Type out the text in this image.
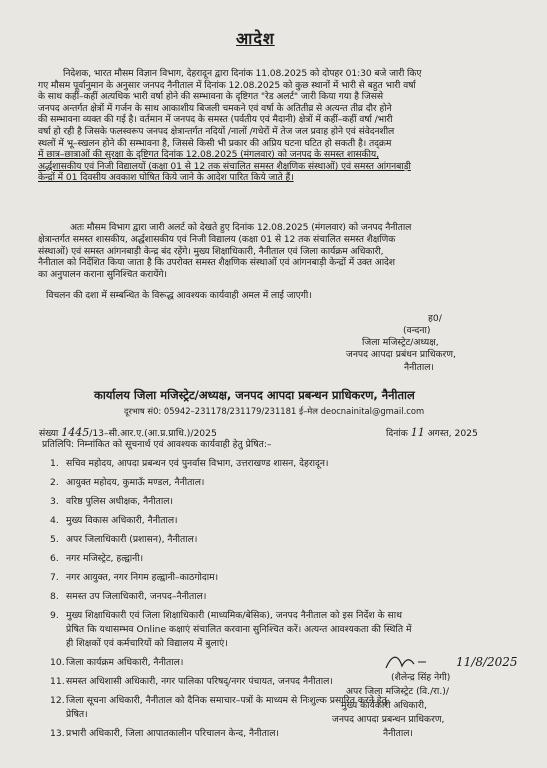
आदेश
निदेशक, भारत मौसम विज्ञान विभाग, देहरादून द्वारा दिनांक 11.08.2025 को दोपहर 01:30 बजे जारी किए
गए मौसम पूर्वानुमान के अनुसार जनपद नैनीताल में दिनांक 12.08.2025 को कुछ स्थानों में भारी से बहुत भारी वर्षा
के साथ कहीं–कहीं अत्यधिक भारी वर्षा होने की सम्भावना के दृष्टिगत "रेड अलर्ट" जारी किया गया है जिससे
जनपद अन्तर्गत क्षेत्रों में गर्जन के साथ आकाशीय बिजली चमकने एवं वर्षा के अतितीव्र से अत्यन्त तीव्र दौर होने
की सम्भावना व्यक्त की गई है। वर्तमान में जनपद के समस्त (पर्वतीय एवं मैदानी) क्षेत्रों में कहीं–कहीं वर्षा /भारी
वर्षा हो रही है जिसके फलस्वरूप जनपद क्षेत्रान्तर्गत नदियों /नालों /गधेरों में तेज जल प्रवाह होने एवं संवेदनशील
स्थलों में भू–स्खलन होने की सम्भावना है, जिससे किसी भी प्रकार की अप्रिय घटना घटित हो सकती है। तद्क्रम
में छात्र–छात्राओं की सुरक्षा के दृष्टिगत दिनांक 12.08.2025 (मंगलवार) को जनपद के समस्त शासकीय,
अर्द्धशासकीय एवं निजी विद्यालयों (कक्षा 01 से 12 तक संचालित समस्त शैक्षणिक संस्थाओं) एवं समस्त आंगनबाड़ी
केन्द्रों में 01 दिवसीय अवकाश घोषित किये जाने के आदेश पारित किये जाते हैं।
अतः मौसम विभाग द्वारा जारी अलर्ट को देखते हुए दिनांक 12.08.2025 (मंगलवार) को जनपद नैनीताल
क्षेत्रान्तर्गत समस्त शासकीय, अर्द्धशासकीय एवं निजी विद्यालय (कक्षा 01 से 12 तक संचालित समस्त शैक्षणिक
संस्थाओं) एवं समस्त आंगनबाड़ी केन्द्र बंद रहेंगे। मुख्य शिक्षाधिकारी, नैनीताल एवं जिला कार्यक्रम अधिकारी,
नैनीताल को निर्देशित किया जाता है कि उपरोक्त समस्त शैक्षणिक संस्थाओं एवं आंगनबाड़ी केन्द्रों में उक्त आदेश
का अनुपालन कराना सुनिश्चित करायेंगे।
विचलन की दशा में सम्बन्धित के विरूद्ध आवश्यक कार्यवाही अमल में लाई जाएगी।
ह0/
(वन्दना)
जिला मजिस्ट्रेट/अध्यक्ष,
जनपद आपदा प्रबंधन प्राधिकरण,
नैनीताल।
कार्यालय जिला मजिस्ट्रेट/अध्यक्ष, जनपद आपदा प्रबन्धन प्राधिकरण, नैनीताल
दूरभाष सं0: 05942–231178/231179/231181 ई–मेल deocnainital@gmail.com
संख्या 1445/13–सी.आर.ए.(आ.प्र.प्राधि.)/2025	दिनांक 11 अगस्त, 2025
प्रतिलिपि: निम्नांकित को सूचनार्थ एवं आवश्यक कार्यवाही हेतु प्रेषित:–
1. सचिव महोदय, आपदा प्रबन्धन एवं पुनर्वास विभाग, उत्तराखण्ड शासन, देहरादून।
2. आयुक्त महोदय, कुमाऊँ मण्डल, नैनीताल।
3. वरिष्ठ पुलिस अधीक्षक, नैनीताल।
4. मुख्य विकास अधिकारी, नैनीताल।
5. अपर जिलाधिकारी (प्रशासन), नैनीताल।
6. नगर मजिस्ट्रेट, हल्द्वानी।
7. नगर आयुक्त, नगर निगम हल्द्वानी–काठगोदाम।
8. समस्त उप जिलाधिकारी, जनपद–नैनीताल।
9. मुख्य शिक्षाधिकारी एवं जिला शिक्षाधिकारी (माध्यमिक/बेसिक), जनपद नैनीताल को इस निर्देश के साथ
प्रेषित कि यथासम्भव Online कक्षाएं संचालित करवाना सुनिश्चित करें। अत्यन्त आवश्यकता की स्थिति में
ही शिक्षकों एवं कर्मचारियों को विद्यालय में बुलाएं।
10. जिला कार्यक्रम अधिकारी, नैनीताल।
11. समस्त अधिशासी अधिकारी, नगर पालिका परिषद्/नगर पंचायत, जनपद नैनीताल।
12. जिला सूचना अधिकारी, नैनीताल को दैनिक समाचार–पत्रों के माध्यम से निःशुल्क प्रसारित करने हेतु
प्रेषित।
13. प्रभारी अधिकारी, जिला आपातकालीन परिचालन केन्द, नैनीताल।
11/8/2025
(शैलेन्द्र सिंह नेगी)
अपर जिला मजिस्ट्रेट (वि./रा.)/
मुख्य कार्यकारी अधिकारी,
जनपद आपदा प्रबन्धन प्राधिकरण,
नैनीताल।
